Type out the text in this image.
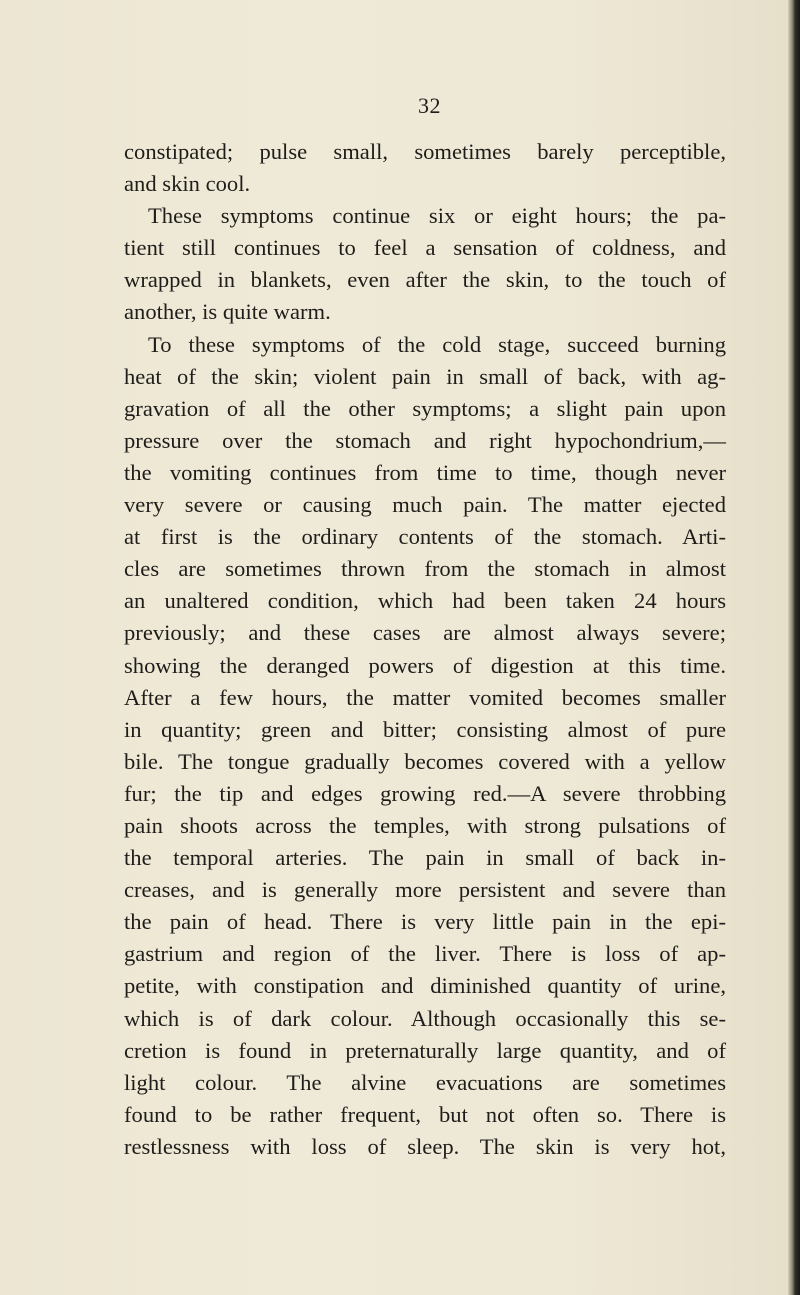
32
constipated; pulse small, sometimes barely perceptible,
and skin cool.
These symptoms continue six or eight hours; the pa-
tient still continues to feel a sensation of coldness, and
wrapped in blankets, even after the skin, to the touch of
another, is quite warm.
To these symptoms of the cold stage, succeed burning
heat of the skin; violent pain in small of back, with ag-
gravation of all the other symptoms; a slight pain upon
pressure over the stomach and right hypochondrium,—
the vomiting continues from time to time, though never
very severe or causing much pain. The matter ejected
at first is the ordinary contents of the stomach. Arti-
cles are sometimes thrown from the stomach in almost
an unaltered condition, which had been taken 24 hours
previously; and these cases are almost always severe;
showing the deranged powers of digestion at this time.
After a few hours, the matter vomited becomes smaller
in quantity; green and bitter; consisting almost of pure
bile. The tongue gradually becomes covered with a yellow
fur; the tip and edges growing red.—A severe throbbing
pain shoots across the temples, with strong pulsations of
the temporal arteries. The pain in small of back in-
creases, and is generally more persistent and severe than
the pain of head. There is very little pain in the epi-
gastrium and region of the liver. There is loss of ap-
petite, with constipation and diminished quantity of urine,
which is of dark colour. Although occasionally this se-
cretion is found in preternaturally large quantity, and of
light colour. The alvine evacuations are sometimes
found to be rather frequent, but not often so. There is
restlessness with loss of sleep. The skin is very hot,
